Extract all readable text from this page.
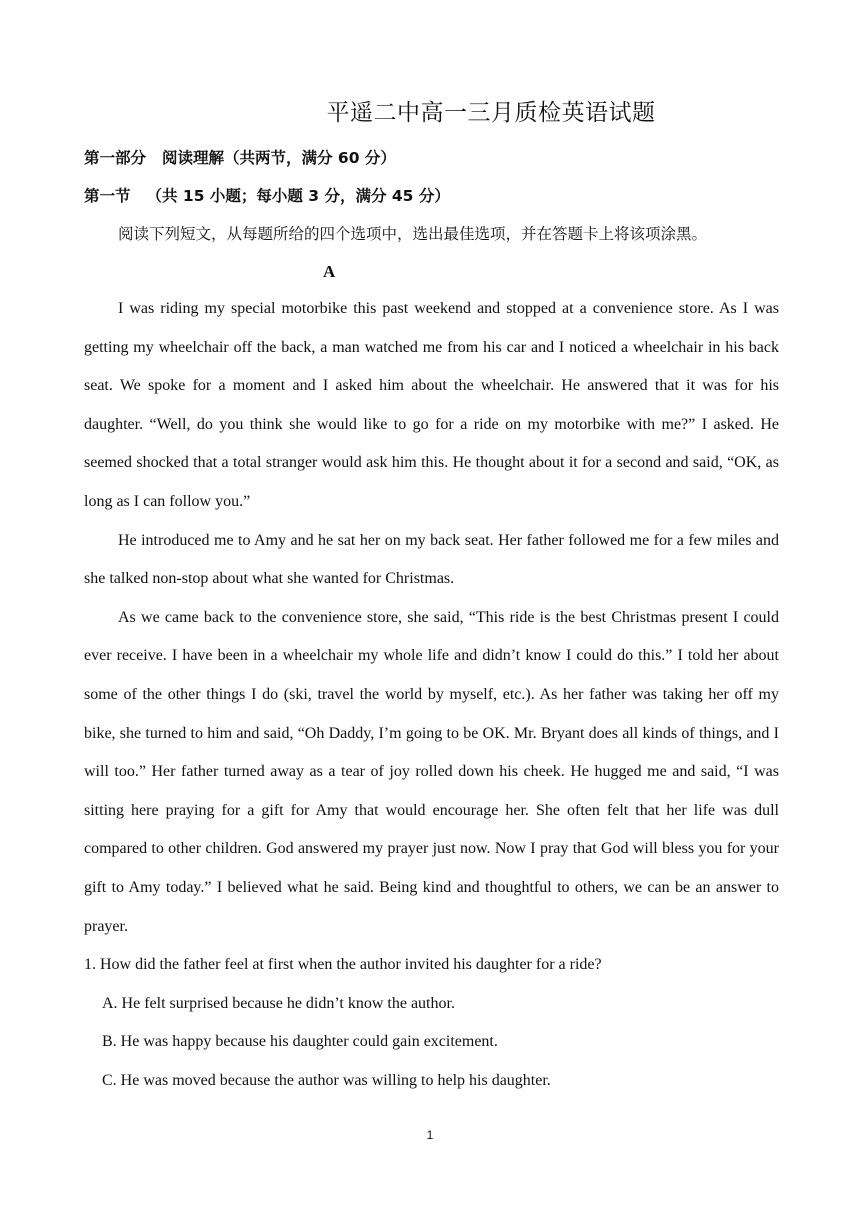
平遥二中高一三月质检英语试题
第一部分 阅读理解（共两节，满分 60 分）
第一节 （共 15 小题；每小题 3 分，满分 45 分）
阅读下列短文，从每题所给的四个选项中，选出最佳选项，并在答题卡上将该项涂黑。
A

I was riding my special motorbike this past weekend and stopped at a convenience store. As I was getting my wheelchair off the back, a man watched me from his car and I noticed a wheelchair in his back seat. We spoke for a moment and I asked him about the wheelchair. He answered that it was for his daughter. “Well, do you think she would like to go for a ride on my motorbike with me?” I asked. He seemed shocked that a total stranger would ask him this. He thought about it for a second and said, “OK, as long as I can follow you.”

He introduced me to Amy and he sat her on my back seat. Her father followed me for a few miles and she talked non-stop about what she wanted for Christmas.

As we came back to the convenience store, she said, “This ride is the best Christmas present I could ever receive. I have been in a wheelchair my whole life and didn’t know I could do this.” I told her about some of the other things I do (ski, travel the world by myself, etc.). As her father was taking her off my bike, she turned to him and said, “Oh Daddy, I’m going to be OK. Mr. Bryant does all kinds of things, and I will too.” Her father turned away as a tear of joy rolled down his cheek. He hugged me and said, “I was sitting here praying for a gift for Amy that would encourage her. She often felt that her life was dull compared to other children. God answered my prayer just now. Now I pray that God will bless you for your gift to Amy today.” I believed what he said. Being kind and thoughtful to others, we can be an answer to prayer.

1. How did the father feel at first when the author invited his daughter for a ride?
A. He felt surprised because he didn’t know the author.
B. He was happy because his daughter could gain excitement.
C. He was moved because the author was willing to help his daughter.
1
